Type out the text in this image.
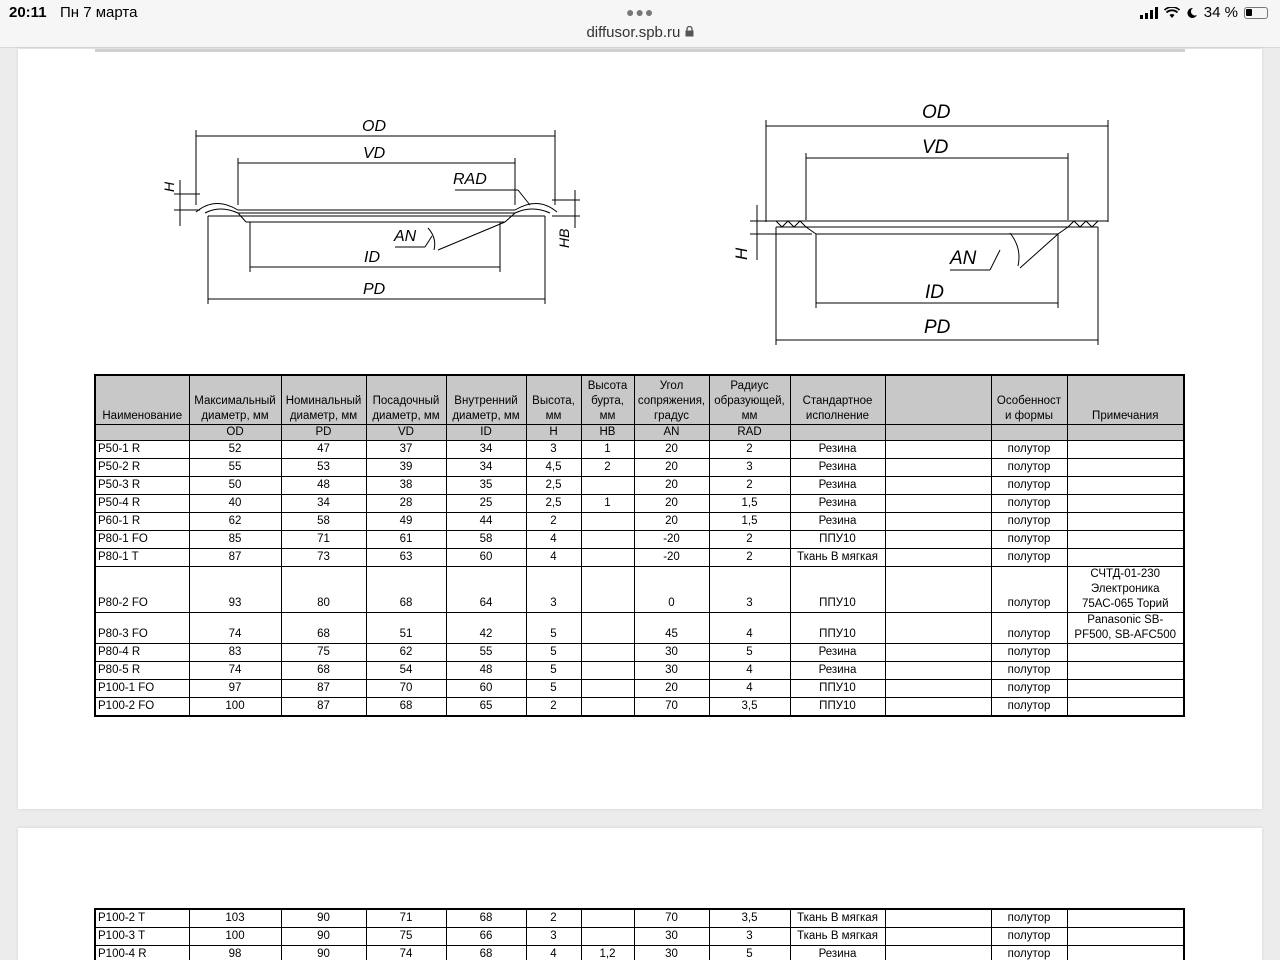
20:11 Пн 7 марта	●●●	34 %
diffusor.spb.ru
OD
VD
RAD
AN
ID
PD
H
HB
OD
VD
AN
ID
PD
H
Наименование	Максимальный диаметр, мм	Номинальный диаметр, мм	Посадочный диаметр, мм	Внутренний диаметр, мм	Высота, мм	Высота бурта, мм	Угол сопряжения, градус	Радиус образующей, мм	Стандартное исполнение		Особенност и формы	Примечания
	OD	PD	VD	ID	H	HB	AN	RAD				
P50-1 R	52	47	37	34	3	1	20	2	Резина		полутор	
P50-2 R	55	53	39	34	4,5	2	20	3	Резина		полутор	
P50-3 R	50	48	38	35	2,5		20	2	Резина		полутор	
P50-4 R	40	34	28	25	2,5	1	20	1,5	Резина		полутор	
P60-1 R	62	58	49	44	2		20	1,5	Резина		полутор	
P80-1 FO	85	71	61	58	4		-20	2	ППУ10		полутор	
P80-1 T	87	73	63	60	4		-20	2	Ткань В мягкая		полутор	
P80-2 FO	93	80	68	64	3		0	3	ППУ10		полутор	СЧТД-01-230 Электроника 75АС-065 Торий
P80-3 FO	74	68	51	42	5		45	4	ППУ10		полутор	Panasonic SB-PF500, SB-AFC500
P80-4 R	83	75	62	55	5		30	5	Резина		полутор	
P80-5 R	74	68	54	48	5		30	4	Резина		полутор	
P100-1 FO	97	87	70	60	5		20	4	ППУ10		полутор	
P100-2 FO	100	87	68	65	2		70	3,5	ППУ10		полутор	
P100-2 T	103	90	71	68	2		70	3,5	Ткань В мягкая		полутор	
P100-3 T	100	90	75	66	3		30	3	Ткань В мягкая		полутор	
P100-4 R	98	90	74	68	4	1,2	30	5	Резина		полутор	
